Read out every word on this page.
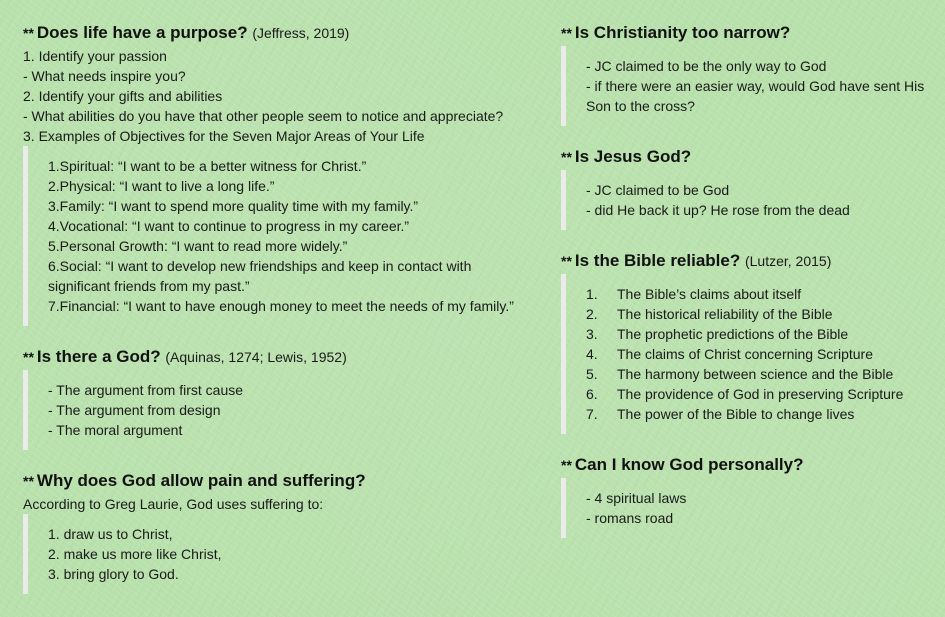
** Does life have a purpose? (Jeffress, 2019)

1. Identify your passion

- What needs inspire you?

2. Identify your gifts and abilities

- What abilities do you have that other people seem to notice and appreciate?

3. Examples of Objectives for the Seven Major Areas of Your Life

1.Spiritual: “I want to be a better witness for Christ.”

2.Physical: “I want to live a long life.”

3.Family: “I want to spend more quality time with my family.”

4.Vocational: “I want to continue to progress in my career.”

5.Personal Growth: “I want to read more widely.”

6.Social: “I want to develop new friendships and keep in contact with significant friends from my past.”

7.Financial: “I want to have enough money to meet the needs of my family.”

** Is there a God? (Aquinas, 1274; Lewis, 1952)

- The argument from first cause

- The argument from design

- The moral argument

** Why does God allow pain and suffering?

According to Greg Laurie, God uses suffering to:

1. draw us to Christ,

2. make us more like Christ,

3. bring glory to God.

** Is Christianity too narrow?

- JC claimed to be the only way to God

- if there were an easier way, would God have sent His Son to the cross?

** Is Jesus God?

- JC claimed to be God

- did He back it up? He rose from the dead

** Is the Bible reliable? (Lutzer, 2015)
1.	The Bible’s claims about itself
2.	The historical reliability of the Bible
3.	The prophetic predictions of the Bible
4.	The claims of Christ concerning Scripture
5.	The harmony between science and the Bible
6.	The providence of God in preserving Scripture
7.	The power of the Bible to change lives
** Can I know God personally?

- 4 spiritual laws

- romans road
